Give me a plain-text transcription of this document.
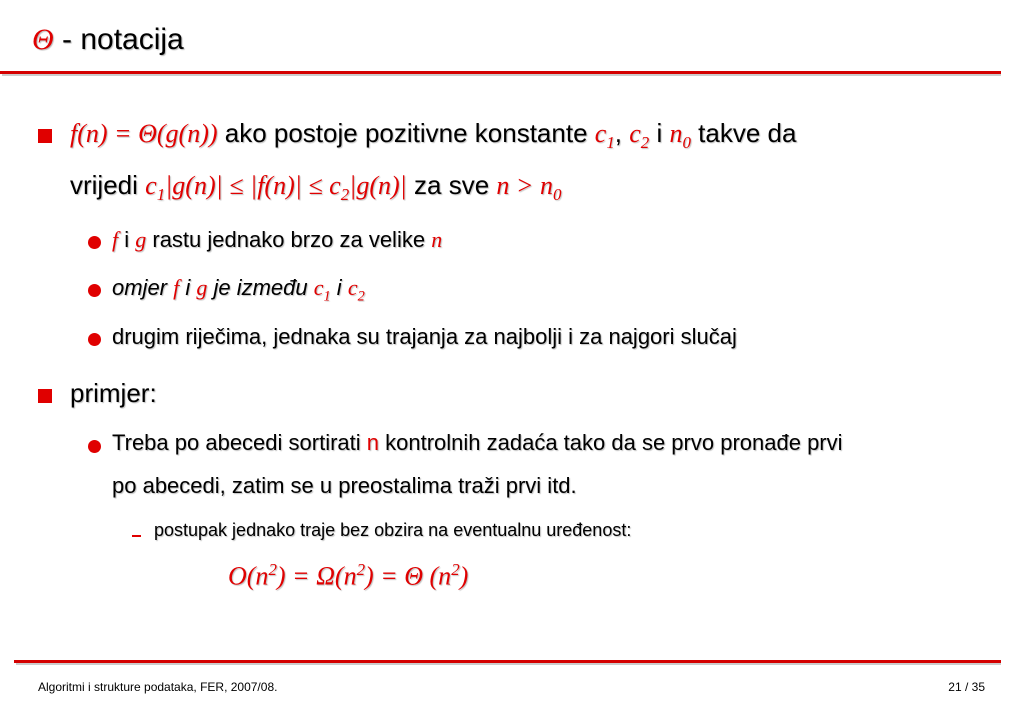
Θ - notacija
f(n) = Θ(g(n)) ako postoje pozitivne konstante $c_1$, $c_2$ i $n_0$ takve da
vrijedi $c_1|g(n)| \le |f(n)| \le c_2|g(n)|$ za sve $n > n_0$
f i g rastu jednako brzo za velike n
omjer f i g je između $c_1$ i $c_2$
drugim riječima, jednaka su trajanja za najbolji i za najgori slučaj
primjer:
Treba po abecedi sortirati n kontrolnih zadaća tako da se prvo pronađe prvi
po abecedi, zatim se u preostalima traži prvi itd.
postupak jednako traje bez obzira na eventualnu uređenost:
$O(n^2) = \Omega(n^2) = \Theta$ $(n^2)$
Algoritmi i strukture podataka, FER, 2007/08.	21 / 35
